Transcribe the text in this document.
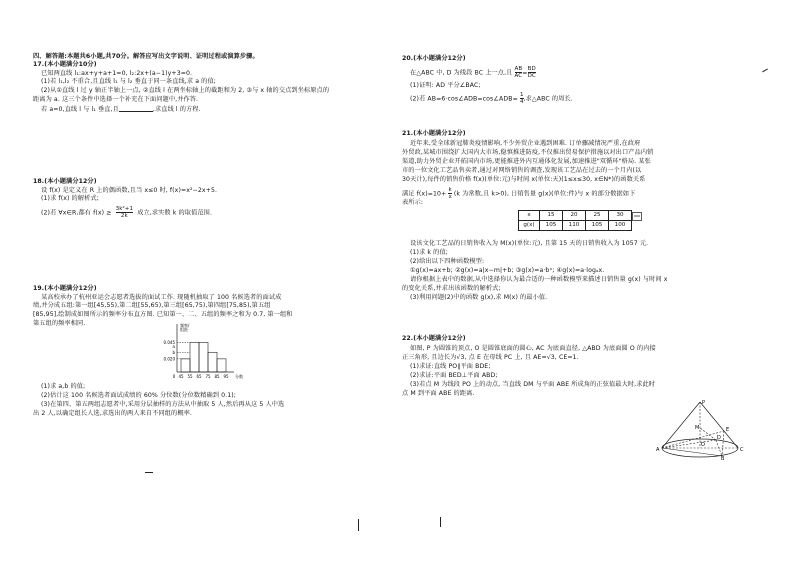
四、解答题:本题共6小题,共70分。解答应写出文字说明、证明过程或演算步骤。
17.(本小题满分10分)
已知两直线 l₁:ax+y+a+1=0, l₂:2x+(a−1)y+3=0.
(1)若 l₁,l₂ 不重合,且直线 l₁ 与 l₂ 垂直于同一条直线,求 a 的值;
(2)从①直线 l 过 y 轴正半轴上一点, ②直线 l 在两坐标轴上的截距和为 2, ③与 x 轴的交点到坐标原点的
距离为 a. 这三个条件中选择一个补充在下面问题中,并作答.
若 a=0,直线 l 与 l₁ 垂直,且	,求直线 l 的方程.
18.(本小题满分12分)
设 f(x) 是定义在 R 上的偶函数,且当 x≤0 时, f(x)=x²−2x+5.
(1)求 f(x) 的解析式;
(2)若 ∀x∈R,都有 $f(x) \ge \frac{\text{3k²+1}}{2k}$ 成立,求实数 k 的取值范围.
19.(本小题满分12分)
某高校承办了杭州亚运会志愿者选拔的面试工作. 现随机抽取了 100 名候选者的面试成
绩,并分成五组:第一组[45,55),第二组[55,65),第三组[65,75),第四组[75,85),第五组
[85,95],绘制成如图所示的频率分布直方图. 已知第一、二、五组的频率之和为 0.7, 第一组和
第五组的频率相同.
0.045
b
a
0.020
频率/
组距
0 45 55 65 75 85 95 分数
(1)求 a,b 的值;
(2)估计这 100 名候选者面试成绩的 60% 分位数(分位数精确到 0.1);
(3)在第四、第五两组志愿者中,采用分层抽样的方法从中抽取 5 人,然后再从这 5 人中选
出 2 人,以确定组长人选,求选出的两人来自不同组的概率.
20.(本小题满分12分)
在△ABC 中, D 为线段 BC 上一点,且 $\frac{AB}{AC} = \frac{BD}{DC}$
(1)证明: AD 平分∠BAC;
(2)若 AB=6·cos∠ADB=cos∠ADB= $\frac{1}{4}$ ,求△ABC 的周长.
21.(本小题满分12分)
近年来,受全球新冠肺炎疫情影响,不少外贸企业遇到困难. 订单骤减情况严重,在政府
外贸政,某城市围绕扩大国内大市场,稳慎推进防疫,不仅推出贸易保护措施以对出口产品内销
渠道,助力外贸企业开拓国内市场,更能推进外内互通体化发展,加速推进"双循环"格局. 某张
市的一位文化工艺品售卖者,通过对网络销售的调查,发现该工艺品在过去的一个月内(以
30天计),每件的销售价格 f(x)(单位:元)与时间 x(单位:天)(1≤x≤30, x∈N*)的函数关系
满足 $f(x)=10+ \frac{k}{x} (k$ 为常数,且 k>0), 日销售量 g(x)(单位:件)与 x 的部分数据如下
表所示:
x	15	20	25	30
g(x)	105	110	105	100
设该文化工艺品的日销售收入为 M(x)(单位:元), 且第 15 天的日销售收入为 1057 元.
(1)求 k 的值;
(2)给出以下四种函数模型:
①g(x)=ax+b; ②g(x)=a|x−m|+b; ③g(x)=a·bˣ; ④g(x)=a·logₐx.
请你根据上表中的数据,从中选择你认为最合适的一种函数模型来描述日销售量 g(x) 与时间 x
的变化关系,并求出该函数的解析式;
(3)利用问题(2)中的函数 g(x),求 M(x) 的最小值.
22.(本小题满分12分)
如图, P 为圆锥的顶点, O 是圆锥底面的圆心, AC 为底面直径, △ABD 为底面圆 O 的内接
正三角形, 且边长为√3, 点 E 在母线 PC 上, 且 AE=√3, CE=1.
(1)求证:直线 PO∥平面 BDE;
(2)求证:平面 BED⊥平面 ABD;
(3)若点 M 为线段 PO 上的动点, 当直线 DM 与平面 ABE 所成角的正弦值最大时,求此时
点 M 到平面 ABE 的距离.
P
E
M
D
O
A	C
B
